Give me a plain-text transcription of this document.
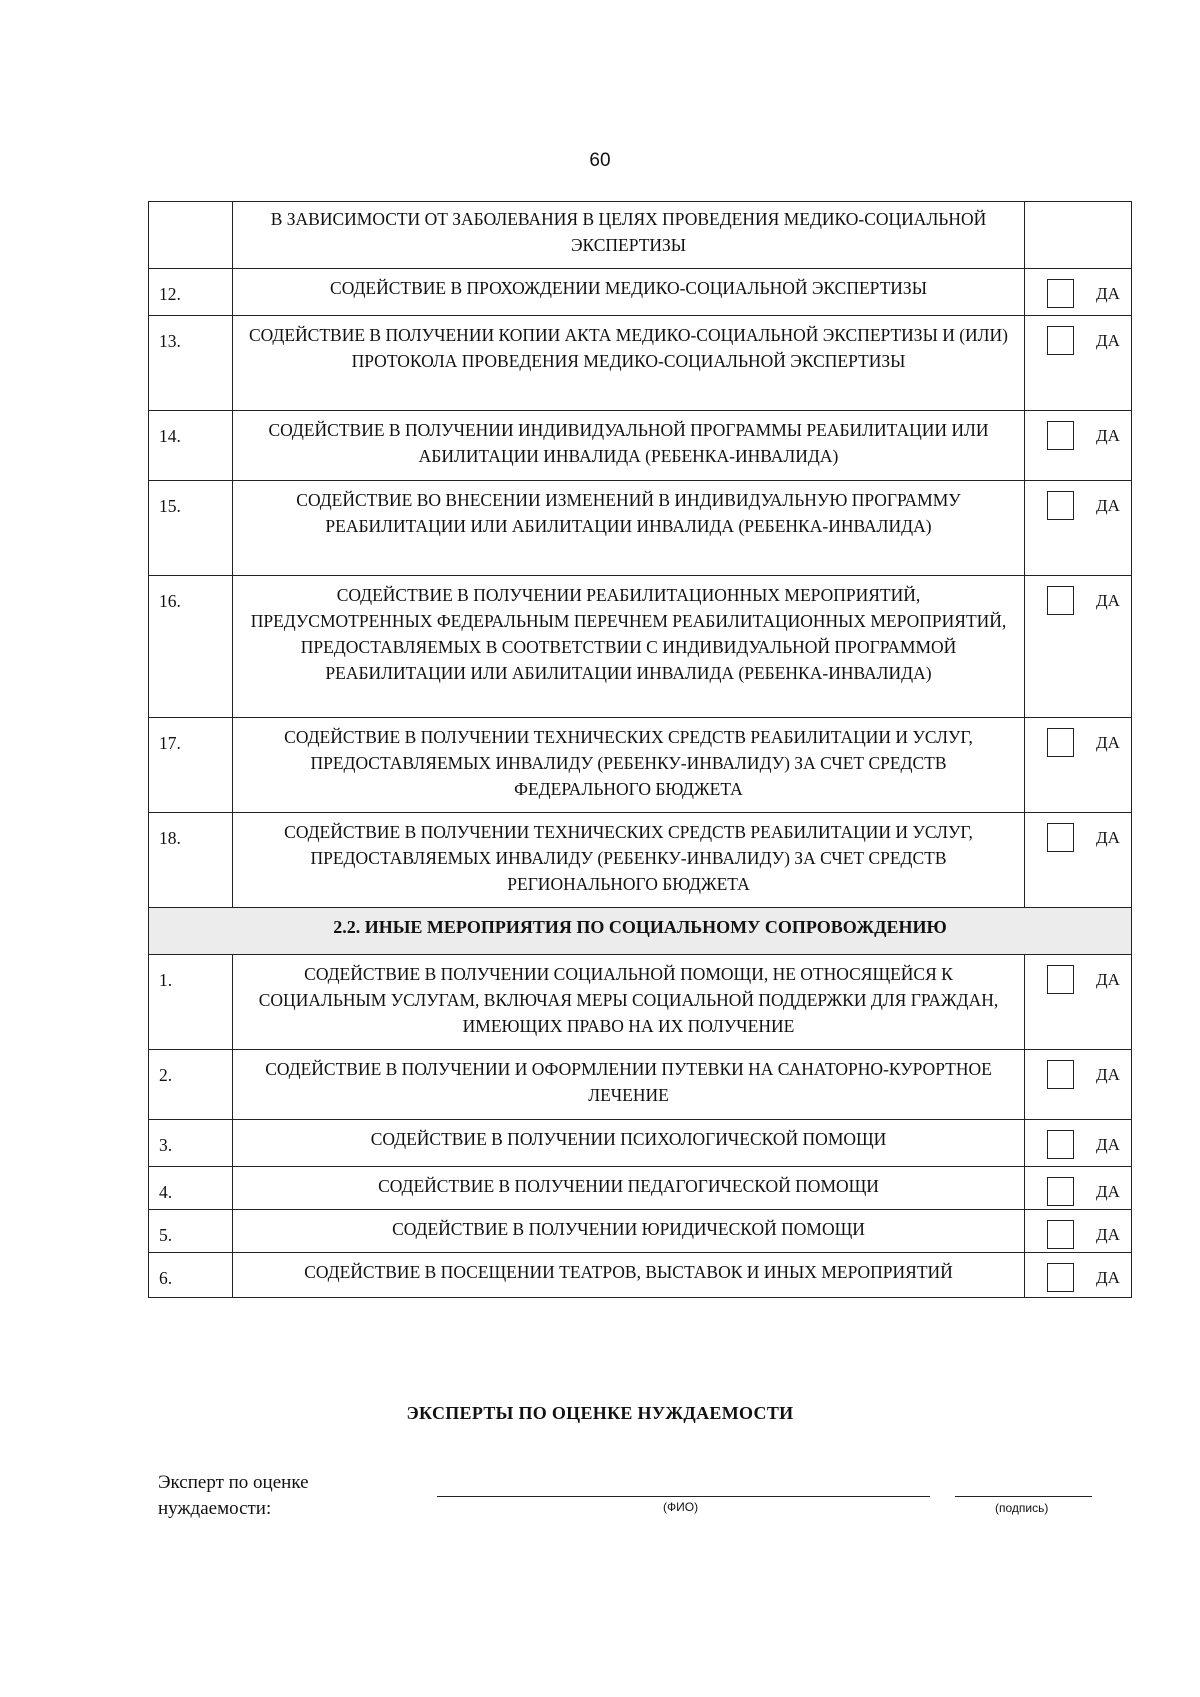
60
	В ЗАВИСИМОСТИ ОТ ЗАБОЛЕВАНИЯ В ЦЕЛЯХ ПРОВЕДЕНИЯ МЕДИКО-СОЦИАЛЬНОЙ ЭКСПЕРТИЗЫ	
12.	СОДЕЙСТВИЕ В ПРОХОЖДЕНИИ МЕДИКО-СОЦИАЛЬНОЙ ЭКСПЕРТИЗЫ	ДА

13.	СОДЕЙСТВИЕ В ПОЛУЧЕНИИ КОПИИ АКТА МЕДИКО-СОЦИАЛЬНОЙ ЭКСПЕРТИЗЫ И (ИЛИ) ПРОТОКОЛА ПРОВЕДЕНИЯ МЕДИКО-СОЦИАЛЬНОЙ ЭКСПЕРТИЗЫ	ДА

14.	СОДЕЙСТВИЕ В ПОЛУЧЕНИИ ИНДИВИДУАЛЬНОЙ ПРОГРАММЫ РЕАБИЛИТАЦИИ ИЛИ АБИЛИТАЦИИ ИНВАЛИДА (РЕБЕНКА-ИНВАЛИДА)	ДА

15.	СОДЕЙСТВИЕ ВО ВНЕСЕНИИ ИЗМЕНЕНИЙ В ИНДИВИДУАЛЬНУЮ ПРОГРАММУ РЕАБИЛИТАЦИИ ИЛИ АБИЛИТАЦИИ ИНВАЛИДА (РЕБЕНКА-ИНВАЛИДА)	ДА

16.	СОДЕЙСТВИЕ В ПОЛУЧЕНИИ РЕАБИЛИТАЦИОННЫХ МЕРОПРИЯТИЙ, ПРЕДУСМОТРЕННЫХ ФЕДЕРАЛЬНЫМ ПЕРЕЧНЕМ РЕАБИЛИТАЦИОННЫХ МЕРОПРИЯТИЙ, ПРЕДОСТАВЛЯЕМЫХ В СООТВЕТСТВИИ С ИНДИВИДУАЛЬНОЙ ПРОГРАММОЙ РЕАБИЛИТАЦИИ ИЛИ АБИЛИТАЦИИ ИНВАЛИДА (РЕБЕНКА-ИНВАЛИДА)	ДА

17.	СОДЕЙСТВИЕ В ПОЛУЧЕНИИ ТЕХНИЧЕСКИХ СРЕДСТВ РЕАБИЛИТАЦИИ И УСЛУГ, ПРЕДОСТАВЛЯЕМЫХ ИНВАЛИДУ (РЕБЕНКУ-ИНВАЛИДУ) ЗА СЧЕТ СРЕДСТВ ФЕДЕРАЛЬНОГО БЮДЖЕТА	ДА

18.	СОДЕЙСТВИЕ В ПОЛУЧЕНИИ ТЕХНИЧЕСКИХ СРЕДСТВ РЕАБИЛИТАЦИИ И УСЛУГ, ПРЕДОСТАВЛЯЕМЫХ ИНВАЛИДУ (РЕБЕНКУ-ИНВАЛИДУ) ЗА СЧЕТ СРЕДСТВ РЕГИОНАЛЬНОГО БЮДЖЕТА	ДА

2.2. ИНЫЕ МЕРОПРИЯТИЯ ПО СОЦИАЛЬНОМУ СОПРОВОЖДЕНИЮ		
1.	СОДЕЙСТВИЕ В ПОЛУЧЕНИИ СОЦИАЛЬНОЙ ПОМОЩИ, НЕ ОТНОСЯЩЕЙСЯ К СОЦИАЛЬНЫМ УСЛУГАМ, ВКЛЮЧАЯ МЕРЫ СОЦИАЛЬНОЙ ПОДДЕРЖКИ ДЛЯ ГРАЖДАН, ИМЕЮЩИХ ПРАВО НА ИХ ПОЛУЧЕНИЕ	ДА

2.	СОДЕЙСТВИЕ В ПОЛУЧЕНИИ И ОФОРМЛЕНИИ ПУТЕВКИ НА САНАТОРНО-КУРОРТНОЕ ЛЕЧЕНИЕ	ДА

3.	СОДЕЙСТВИЕ В ПОЛУЧЕНИИ ПСИХОЛОГИЧЕСКОЙ ПОМОЩИ	ДА

4.	СОДЕЙСТВИЕ В ПОЛУЧЕНИИ ПЕДАГОГИЧЕСКОЙ ПОМОЩИ	ДА

5.	СОДЕЙСТВИЕ В ПОЛУЧЕНИИ ЮРИДИЧЕСКОЙ ПОМОЩИ	ДА

6.	СОДЕЙСТВИЕ В ПОСЕЩЕНИИ ТЕАТРОВ, ВЫСТАВОК И ИНЫХ МЕРОПРИЯТИЙ	ДА
ЭКСПЕРТЫ ПО ОЦЕНКЕ НУЖДАЕМОСТИ
Эксперт по оценке
нуждаемости:	(ФИО)	(подпись)
